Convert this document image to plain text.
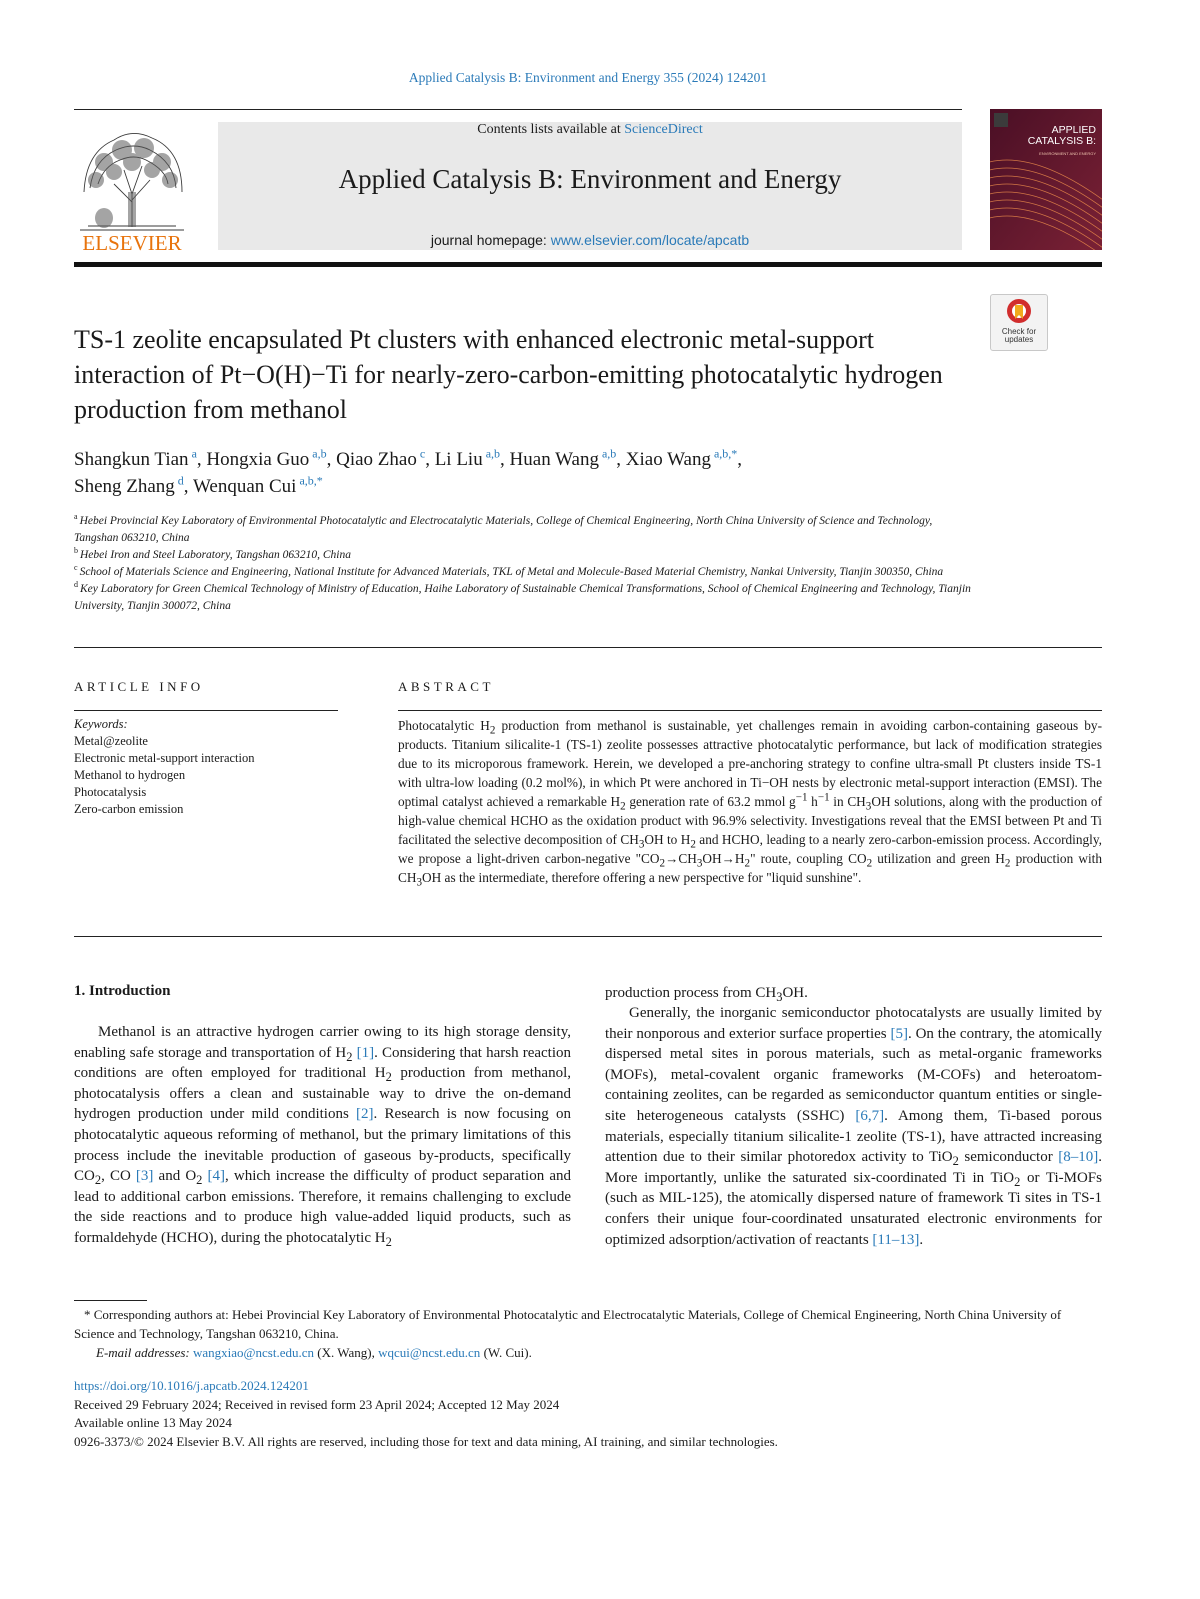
Applied Catalysis B: Environment and Energy 355 (2024) 124201
ELSEVIER
Contents lists available at ScienceDirect
Applied Catalysis B: Environment and Energy
journal homepage: www.elsevier.com/locate/apcatb
APPLIED CATALYSIS B:
ENVIRONMENT AND ENERGY
Check for updates
TS-1 zeolite encapsulated Pt clusters with enhanced electronic metal-support interaction of Pt−O(H)−Ti for nearly-zero-carbon-emitting photocatalytic hydrogen production from methanol
Shangkun Tian $^a$, Hongxia Guo $^{a,b}$, Qiao Zhao $^c$, Li Liu $^{a,b}$, Huan Wang $^{a,b}$, Xiao Wang $^{a,b,*}$,
Sheng Zhang $^d$, Wenquan Cui $^{a,b,*}$
$^a$ Hebei Provincial Key Laboratory of Environmental Photocatalytic and Electrocatalytic Materials, College of Chemical Engineering, North China University of Science and Technology, Tangshan 063210, China
$^b$ Hebei Iron and Steel Laboratory, Tangshan 063210, China
$^c$ School of Materials Science and Engineering, National Institute for Advanced Materials, TKL of Metal and Molecule-Based Material Chemistry, Nankai University, Tianjin 300350, China
$^d$ Key Laboratory for Green Chemical Technology of Ministry of Education, Haihe Laboratory of Sustainable Chemical Transformations, School of Chemical Engineering and Technology, Tianjin University, Tianjin 300072, China
ARTICLE INFO
Keywords:
Metal@zeolite
Electronic metal-support interaction
Methanol to hydrogen
Photocatalysis
Zero-carbon emission
ABSTRACT
Photocatalytic $H_2$ production from methanol is sustainable, yet challenges remain in avoiding carbon-containing gaseous by-products. Titanium silicalite-1 (TS-1) zeolite possesses attractive photocatalytic performance, but lack of modification strategies due to its microporous framework. Herein, we developed a pre-anchoring strategy to confine ultra-small Pt clusters inside TS-1 with ultra-low loading (0.2 mol%), in which Pt were anchored in Ti−OH nests by electronic metal-support interaction (EMSI). The optimal catalyst achieved a remarkable $H_2$ generation rate of 63.2 mmol $g^{-1}$ $h^{-1}$ in $CH_3OH$ solutions, along with the production of high-value chemical HCHO as the oxidation product with 96.9% selectivity. Investigations reveal that the EMSI between Pt and Ti facilitated the selective decomposition of $CH_3OH$ to $H_2$ and HCHO, leading to a nearly zero-carbon-emission process. Accordingly, we propose a light-driven carbon-negative "$CO_2\to CH_3OH\to H_2$" route, coupling $CO_2$ utilization and green $H_2$ production with $CH_3OH$ as the intermediate, therefore offering a new perspective for "liquid sunshine".
1. Introduction
Methanol is an attractive hydrogen carrier owing to its high storage density, enabling safe storage and transportation of $H_2$ [1]. Considering that harsh reaction conditions are often employed for traditional $H_2$ production from methanol, photocatalysis offers a clean and sustainable way to drive the on-demand hydrogen production under mild conditions [2]. Research is now focusing on photocatalytic aqueous reforming of methanol, but the primary limitations of this process include the inevitable production of gaseous by-products, specifically $CO_2$, CO [3] and $O_2$ [4], which increase the difficulty of product separation and lead to additional carbon emissions. Therefore, it remains challenging to exclude the side reactions and to produce high value-added liquid products, such as formaldehyde (HCHO), during the photocatalytic $H_2$
production process from $CH_3OH$.
Generally, the inorganic semiconductor photocatalysts are usually limited by their nonporous and exterior surface properties [5]. On the contrary, the atomically dispersed metal sites in porous materials, such as metal-organic frameworks (MOFs), metal-covalent organic frameworks (M-COFs) and heteroatom-containing zeolites, can be regarded as semiconductor quantum entities or single-site heterogeneous catalysts (SSHC) [6,7]. Among them, Ti-based porous materials, especially titanium silicalite-1 zeolite (TS-1), have attracted increasing attention due to their similar photoredox activity to TiO$_2$ semiconductor [8–10]. More importantly, unlike the saturated six-coordinated Ti in TiO$_2$ or Ti-MOFs (such as MIL-125), the atomically dispersed nature of framework Ti sites in TS-1 confers their unique four-coordinated unsaturated electronic environments for optimized adsorption/activation of reactants [11–13].
* Corresponding authors at: Hebei Provincial Key Laboratory of Environmental Photocatalytic and Electrocatalytic Materials, College of Chemical Engineering, North China University of Science and Technology, Tangshan 063210, China.
E-mail addresses: wangxiao@ncst.edu.cn (X. Wang), wqcui@ncst.edu.cn (W. Cui).
https://doi.org/10.1016/j.apcatb.2024.124201
Received 29 February 2024; Received in revised form 23 April 2024; Accepted 12 May 2024
Available online 13 May 2024
0926-3373/© 2024 Elsevier B.V. All rights are reserved, including those for text and data mining, AI training, and similar technologies.
